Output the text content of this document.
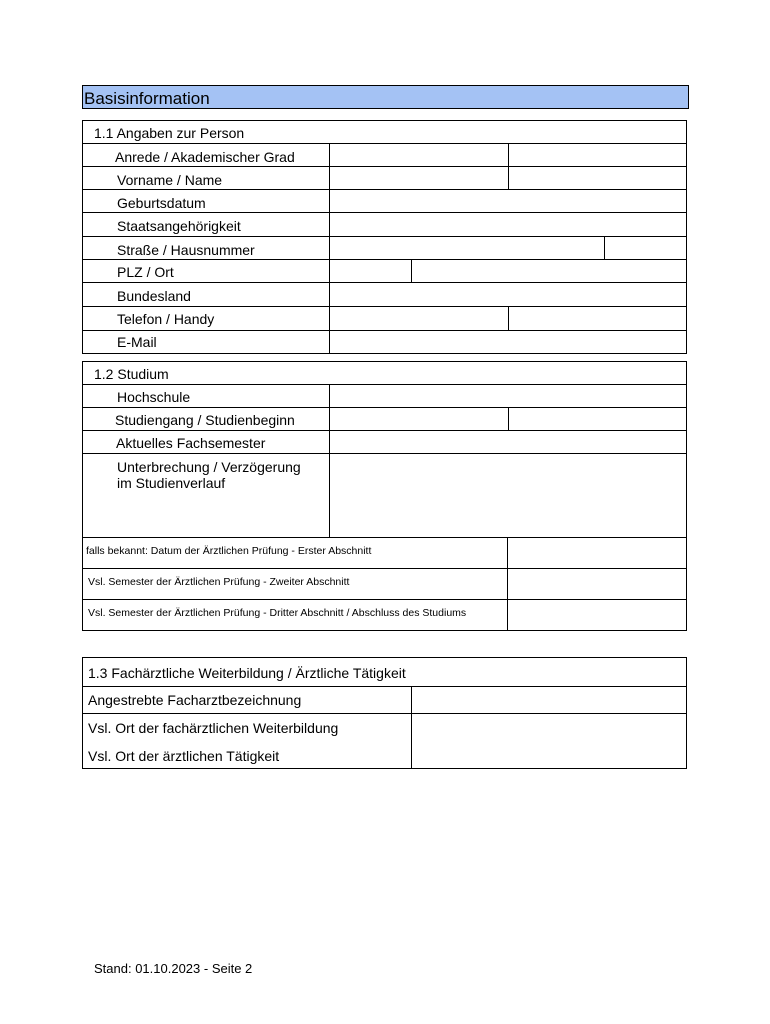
Basisinformation
1.1 Angaben zur Person
Anrede / Akademischer Grad
Vorname / Name
Geburtsdatum
Staatsangehörigkeit
Straße / Hausnummer
PLZ / Ort
Bundesland
Telefon / Handy
E-Mail
1.2 Studium
Hochschule
Studiengang / Studienbeginn
Aktuelles Fachsemester
Unterbrechung / Verzögerung
im Studienverlauf
falls bekannt: Datum der Ärztlichen Prüfung - Erster Abschnitt
Vsl. Semester der Ärztlichen Prüfung - Zweiter Abschnitt
Vsl. Semester der Ärztlichen Prüfung - Dritter Abschnitt / Abschluss des Studiums
1.3 Fachärztliche Weiterbildung / Ärztliche Tätigkeit
Angestrebte Facharztbezeichnung
Vsl. Ort der fachärztlichen Weiterbildung
Vsl. Ort der ärztlichen Tätigkeit
Stand: 01.10.2023 - Seite 2
